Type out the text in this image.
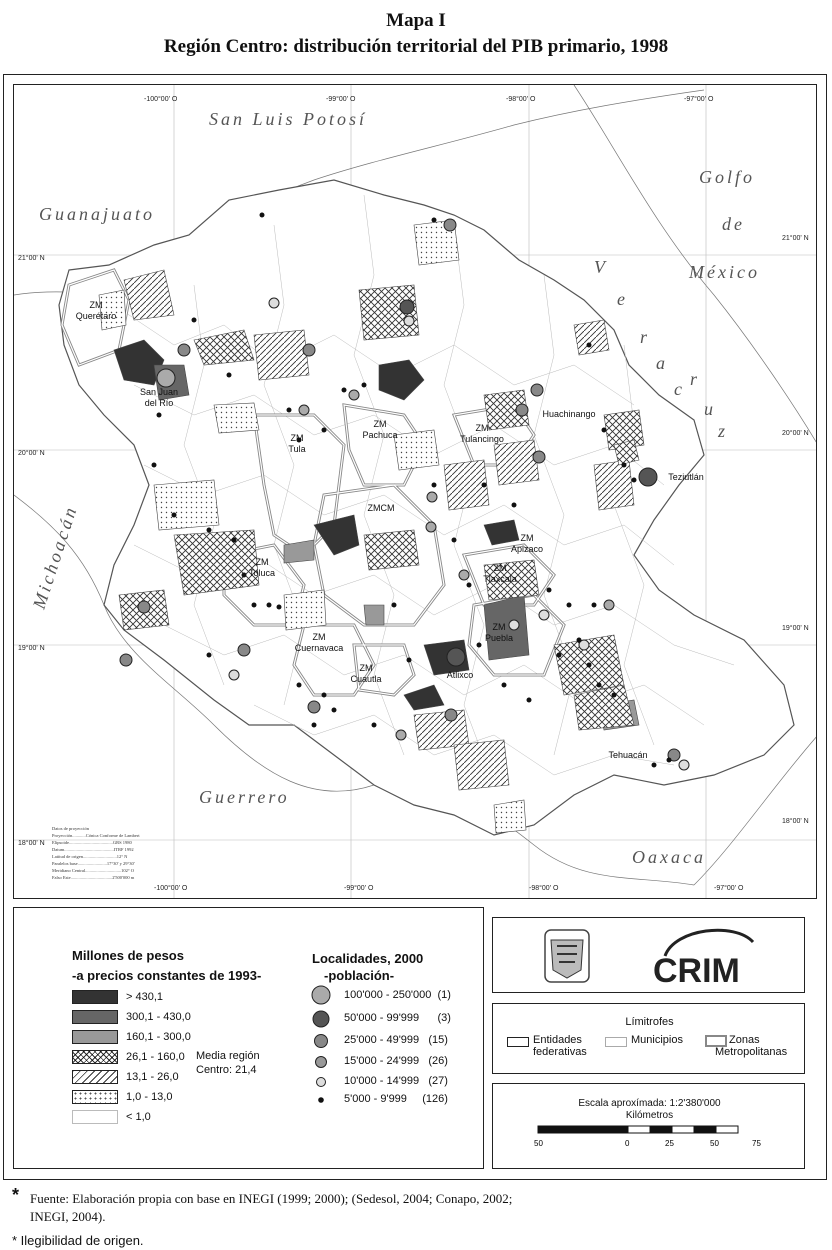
Mapa I
Región Centro: distribución territorial del PIB primario, 1998
-100°00' O	-99°00' O	-98°00' O	-97°00' O
-100°00' O	-99°00' O	-98°00' O	-97°00' O
21°00' N
20°00' N
19°00' N
18°00' N
21°00' N
20°00' N
19°00' N
18°00' N
San Luis Potosí
Golfo
de
México
Guanajuato
Guerrero
Oaxaca
Michoacán
V
e
r
a
c r
u
z
ZM
Querétaro
San Juan
del Río
ZM
Pachuca
ZM
Tula
ZM
Tulancingo
ZMCM
ZM
Toluca	ZM
Tlaxcala
ZM
Puebla
ZM
Cuernavaca
ZM
Cuautla
ZM
Apizaco
Huachinango
Teziutlán
Atlixco
Tehuacán
Datos de proyección
Proyección............Cónica Conforme de Lambert
Elipsoide.......................................GRS 1980
Datum............................................ITRF 1992
Latitud de origen..............................12° N
Paralelos base..........................17°30' y 29°30'
Meridiano Central................................102° O
Falso Este.....................................2'500'000 m
Millones de pesos
-a precios constantes de 1993-
> 430,1
300,1 - 430,0
160,1 - 300,0
26,1 - 160,0
13,1 - 26,0
1,0 - 13,0
< 1,0
Media región
Centro: 21,4
Localidades, 2000
-población-
100'000 - 250'000 (1)
50'000 - 99'999 (3)
25'000 - 49'999 (15)
15'000 - 24'999 (26)
10'000 - 14'999 (27)
5'000 - 9'999 (126)
CRIM
Límitrofes
Entidades
federativas
Municipios	Zonas
Metropolitanas
Escala aproxímada: 1:2'380'000
Kilómetros
50	0	25	50	75
* Fuente: Elaboración propia con base en INEGI (1999; 2000); (Sedesol, 2004; Conapo, 2002;
INEGI, 2004).
* Ilegibilidad de origen.
